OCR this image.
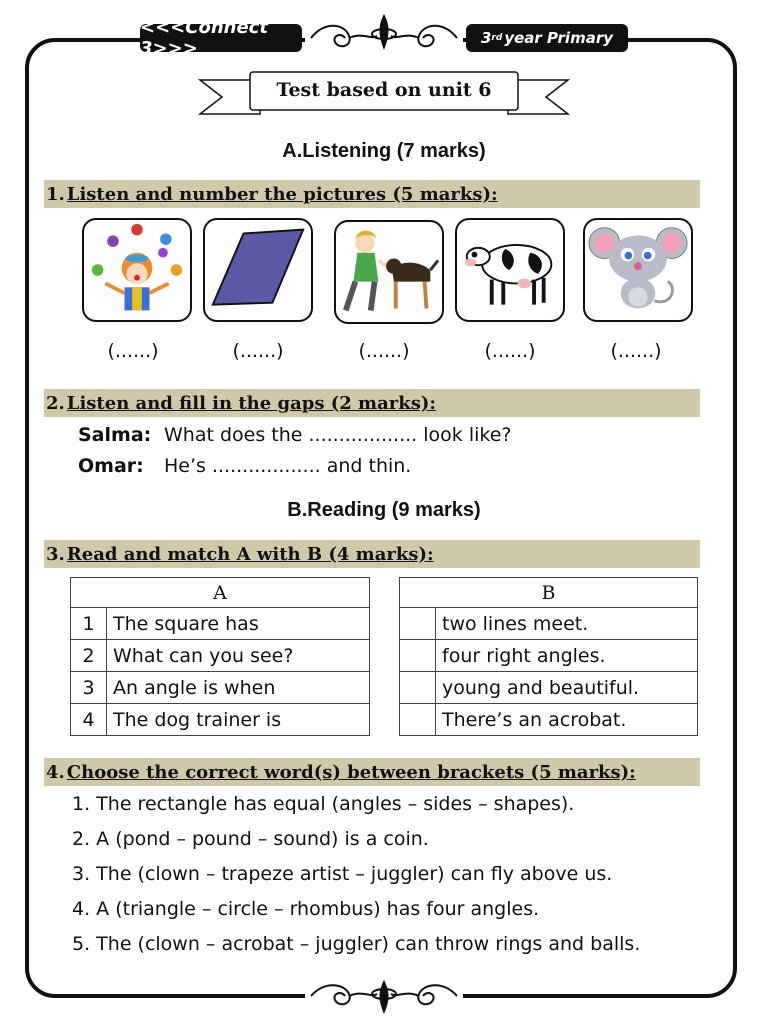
<<<Connect 3>>>	3 rd year Primary
Test based on unit 6
A.Listening (7 marks)
1. Listen and number the pictures (5 marks):
(......)	(......)	(......)	(......)	(......)
2. Listen and fill in the gaps (2 marks):
Salma: What does the .................. look like?
Omar: He’s .................. and thin.
B.Reading (9 marks)
3. Read and match A with B (4 marks):
A	
1	The square has
2	What can you see?
3	An angle is when
4	The dog trainer is
B	
	two lines meet.
	four right angles.
	young and beautiful.
	There’s an acrobat.
4. Choose the correct word(s) between brackets (5 marks):
1. The rectangle has equal (angles – sides – shapes).
2. A (pond – pound – sound) is a coin.
3. The (clown – trapeze artist – juggler) can fly above us.
4. A (triangle – circle – rhombus) has four angles.
5. The (clown – acrobat – juggler) can throw rings and balls.
